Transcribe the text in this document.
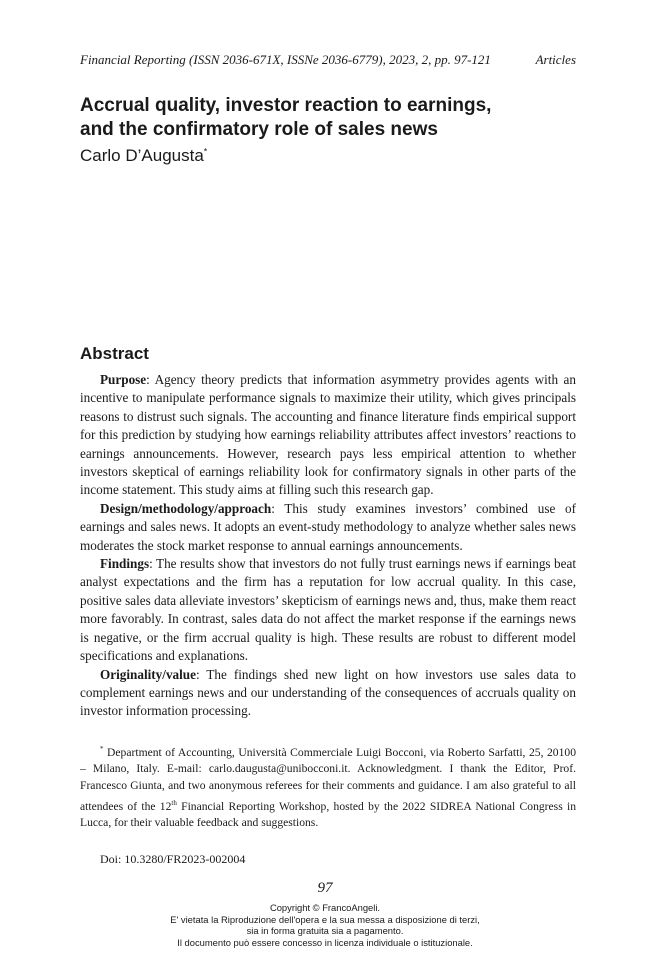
Financial Reporting (ISSN 2036-671X, ISSNe 2036-6779), 2023, 2, pp. 97-121	Articles
Accrual quality, investor reaction to earnings,
and the confirmatory role of sales news
Carlo D’Augusta*
Abstract

Purpose: Agency theory predicts that information asymmetry provides agents with an incentive to manipulate performance signals to maximize their utility, which gives principals reasons to distrust such signals. The accounting and finance literature finds empirical support for this prediction by studying how earnings reliability attributes affect investors’ reactions to earnings announcements. However, research pays less empirical attention to whether investors skeptical of earnings reliability look for confirmatory signals in other parts of the income statement. This study aims at filling such this research gap.

Design/methodology/approach: This study examines investors’ combined use of earnings and sales news. It adopts an event-study methodology to analyze whether sales news moderates the stock market response to annual earnings announcements.

Findings: The results show that investors do not fully trust earnings news if earnings beat analyst expectations and the firm has a reputation for low accrual quality. In this case, positive sales data alleviate investors’ skepticism of earnings news and, thus, make them react more favorably. In contrast, sales data do not affect the market response if the earnings news is negative, or the firm accrual quality is high. These results are robust to different model specifications and explanations.

Originality/value: The findings shed new light on how investors use sales data to complement earnings news and our understanding of the consequences of accruals quality on investor information processing.

* Department of Accounting, Università Commerciale Luigi Bocconi, via Roberto Sarfatti, 25, 20100 – Milano, Italy. E-mail: carlo.daugusta@unibocconi.it. Acknowledgment. I thank the Editor, Prof. Francesco Giunta, and two anonymous referees for their comments and guidance. I am also grateful to all attendees of the 12th Financial Reporting Workshop, hosted by the 2022 SIDREA National Congress in Lucca, for their valuable feedback and suggestions.

Doi: 10.3280/FR2023-002004
97
Copyright © FrancoAngeli.
E' vietata la Riproduzione dell'opera e la sua messa a disposizione di terzi,
sia in forma gratuita sia a pagamento.
Il documento può essere concesso in licenza individuale o istituzionale.
